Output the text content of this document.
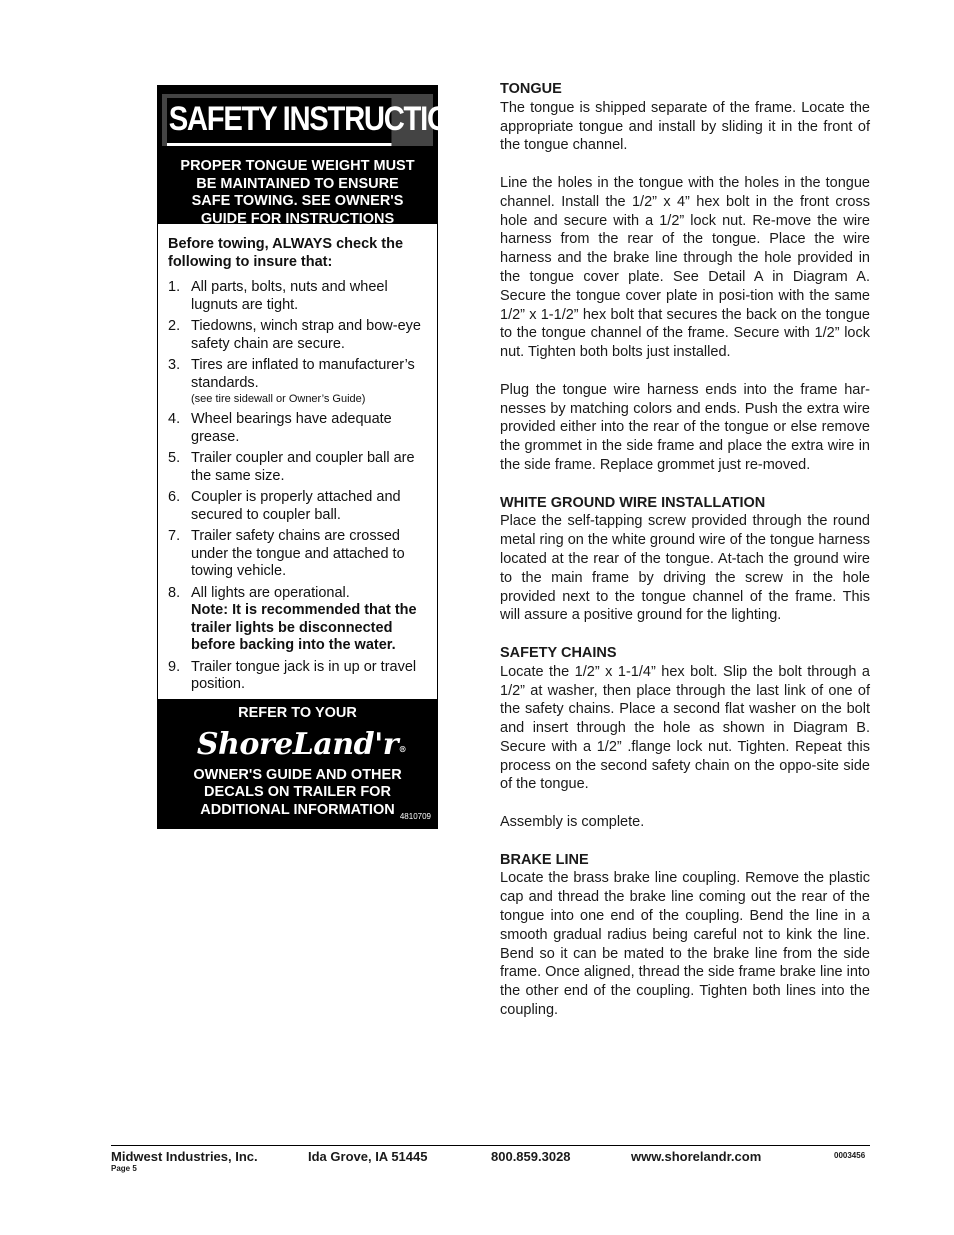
SAFETY INSTRUCTIONS
PROPER TONGUE WEIGHT MUST
BE MAINTAINED TO ENSURE
SAFE TOWING. SEE OWNER'S
GUIDE FOR INSTRUCTIONS
Before towing, ALWAYS check the following to insure that:
1. All parts, bolts, nuts and wheel lugnuts are tight.
2. Tiedowns, winch strap and bow-eye safety chain are secure.
3. Tires are inflated to manufacturer’s standards.
(see tire sidewall or Owner’s Guide)
4. Wheel bearings have adequate grease.
5. Trailer coupler and coupler ball are the same size.
6. Coupler is properly attached and secured to coupler ball.
7. Trailer safety chains are crossed under the tongue and attached to towing vehicle.
8. All lights are operational.
Note: It is recommended that the trailer lights be disconnected before backing into the water.
9. Trailer tongue jack is in up or travel position.
REFER TO YOUR
ShoreLand'r ®
OWNER'S GUIDE AND OTHER
DECALS ON TRAILER FOR
ADDITIONAL INFORMATION 4810709
TONGUE
The tongue is shipped separate of the frame. Locate the appropriate tongue and install by sliding it in the front of the tongue channel.
Line the holes in the tongue with the holes in the tongue channel. Install the 1/2” x 4” hex bolt in the front cross hole and secure with a 1/2” lock nut. Re-move the wire harness from the rear of the tongue. Place the wire harness and the brake line through the hole provided in the tongue cover plate. See Detail A in Diagram A. Secure the tongue cover plate in posi-tion with the same 1/2” x 1-1/2” hex bolt that secures the back on the tongue to the tongue channel of the frame. Secure with 1/2” lock nut. Tighten both bolts just installed.
Plug the tongue wire harness ends into the frame har-nesses by matching colors and ends. Push the extra wire provided either into the rear of the tongue or else remove the grommet in the side frame and place the extra wire in the side frame. Replace grommet just re-moved.
WHITE GROUND WIRE INSTALLATION
Place the self-tapping screw provided through the round metal ring on the white ground wire of the tongue harness located at the rear of the tongue. At-tach the ground wire to the main frame by driving the screw in the hole provided next to the tongue channel of the frame. This will assure a positive ground for the lighting.
SAFETY CHAINS
Locate the 1/2” x 1-1/4” hex bolt. Slip the bolt through a 1/2” at washer, then place through the last link of one of the safety chains. Place a second flat washer on the bolt and insert through the hole as shown in Diagram B. Secure with a 1/2” .flange lock nut. Tighten. Repeat this process on the second safety chain on the oppo-site side of the tongue.
Assembly is complete.
BRAKE LINE
Locate the brass brake line coupling. Remove the plastic cap and thread the brake line coming out the rear of the tongue into one end of the coupling. Bend the line in a smooth gradual radius being careful not to kink the line. Bend so it can be mated to the brake line from the side frame. Once aligned, thread the side frame brake line into the other end of the coupling. Tighten both lines into the coupling.
Midwest Industries, Inc.	Ida Grove, IA 51445	800.859.3028	www.shorelandr.com	0003456
Page 5
